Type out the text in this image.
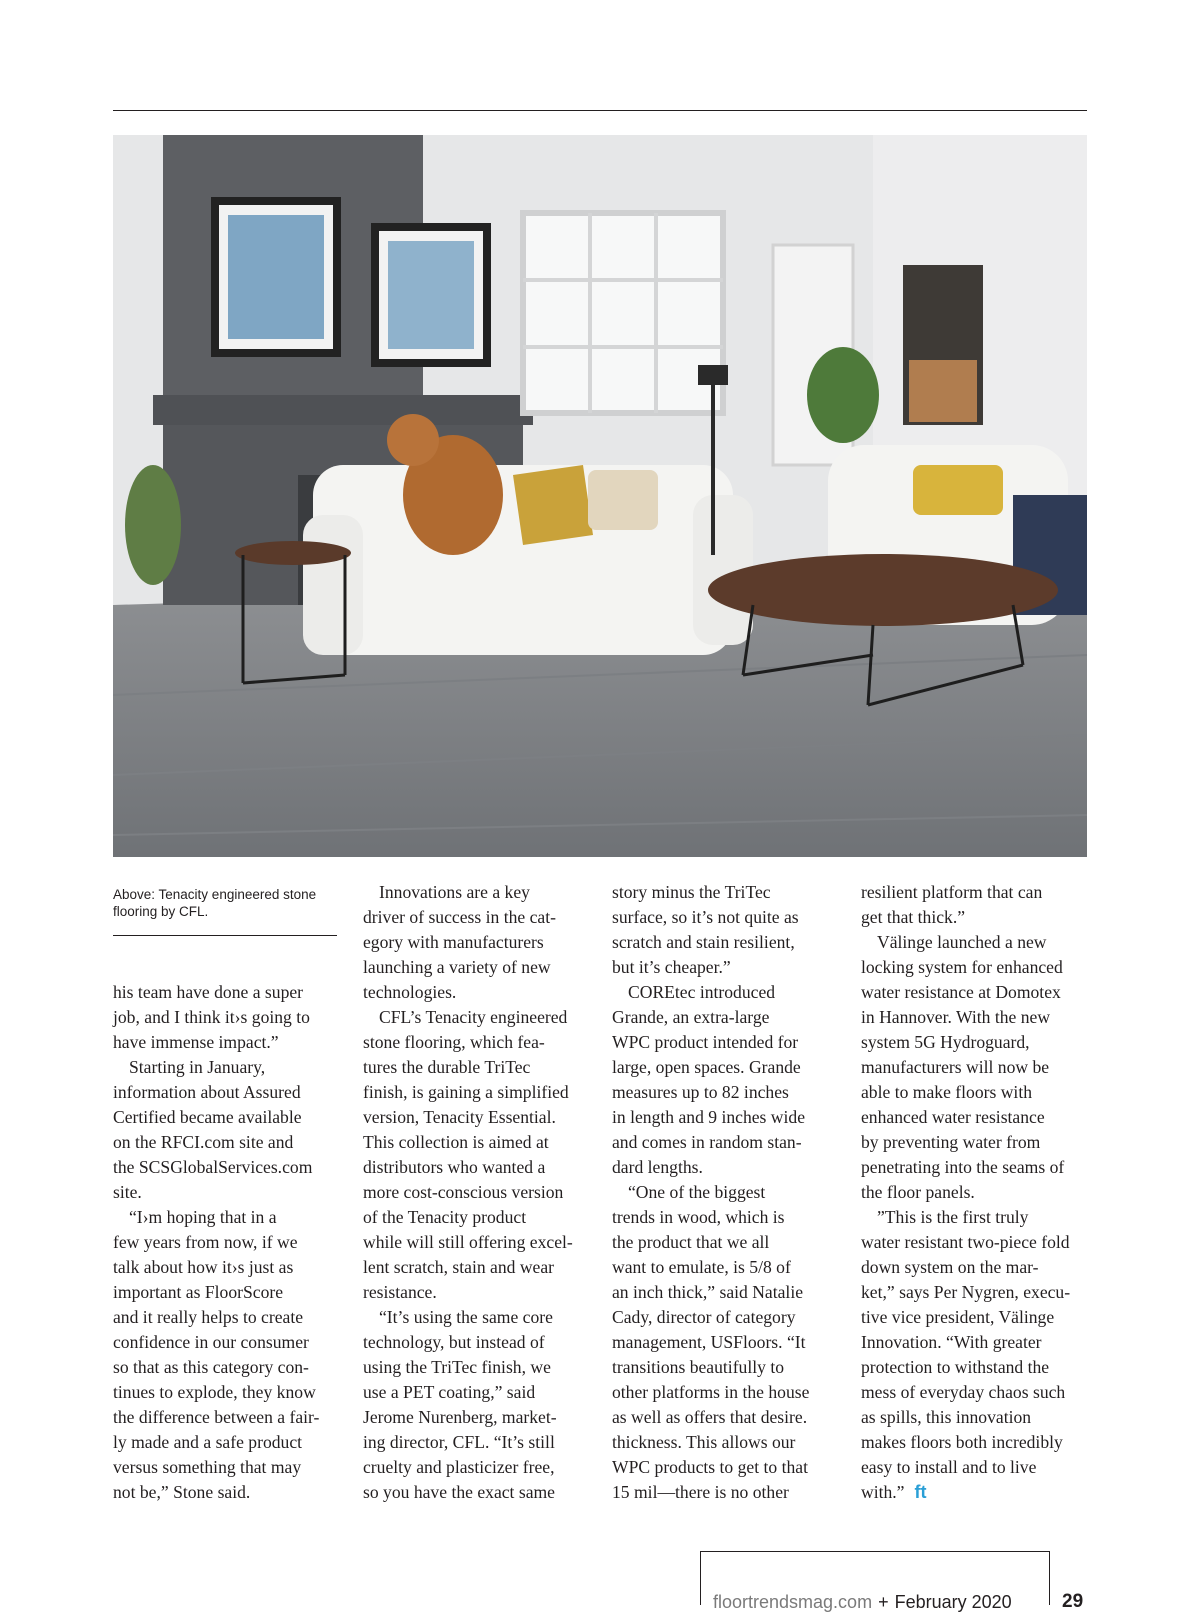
Above: Tenacity engineered stone flooring by CFL.

his team have done a super

job, and I think it›s going to

have immense impact.”

Starting in January,

information about Assured

Certified became available

on the RFCI.com site and

the SCSGlobalServices.com

site.

“I›m hoping that in a

few years from now, if we

talk about how it›s just as

important as FloorScore

and it really helps to create

confidence in our consumer

so that as this category con-

tinues to explode, they know

the difference between a fair-

ly made and a safe product

versus something that may

not be,” Stone said.

Innovations are a key

driver of success in the cat-

egory with manufacturers

launching a variety of new

technologies.

CFL’s Tenacity engineered

stone flooring, which fea-

tures the durable TriTec

finish, is gaining a simplified

version, Tenacity Essential.

This collection is aimed at

distributors who wanted a

more cost-conscious version

of the Tenacity product

while will still offering excel-

lent scratch, stain and wear

resistance.

“It’s using the same core

technology, but instead of

using the TriTec finish, we

use a PET coating,” said

Jerome Nurenberg, market-

ing director, CFL. “It’s still

cruelty and plasticizer free,

so you have the exact same

story minus the TriTec

surface, so it’s not quite as

scratch and stain resilient,

but it’s cheaper.”

COREtec introduced

Grande, an extra-large

WPC product intended for

large, open spaces. Grande

measures up to 82 inches

in length and 9 inches wide

and comes in random stan-

dard lengths.

“One of the biggest

trends in wood, which is

the product that we all

want to emulate, is 5/8 of

an inch thick,” said Natalie

Cady, director of category

management, USFloors. “It

transitions beautifully to

other platforms in the house

as well as offers that desire.

thickness. This allows our

WPC products to get to that

15 mil—there is no other

resilient platform that can

get that thick.”

Välinge launched a new

locking system for enhanced

water resistance at Domotex

in Hannover. With the new

system 5G Hydroguard,

manufacturers will now be

able to make floors with

enhanced water resistance

by preventing water from

penetrating into the seams of

the floor panels.

”This is the first truly

water resistant two-piece fold

down system on the mar-

ket,” says Per Nygren, execu-

tive vice president, Välinge

Innovation. “With greater

protection to withstand the

mess of everyday chaos such

as spills, this innovation

makes floors both incredibly

easy to install and to live

with.” ft

floortrendsmag.com + February 2020	29
